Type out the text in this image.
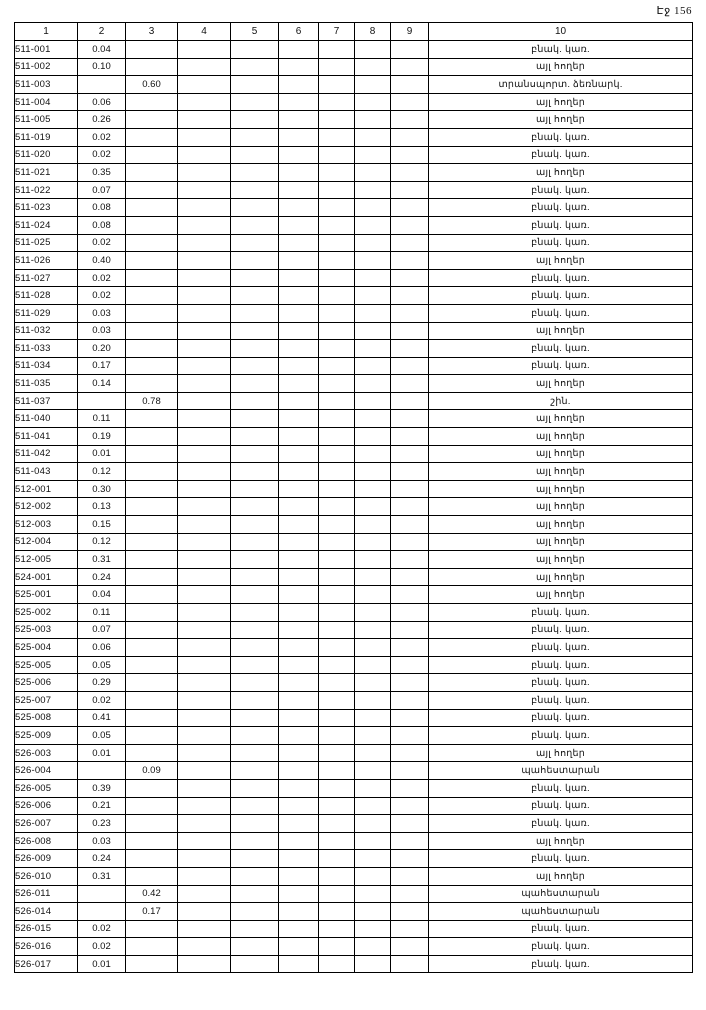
Էջ 156
1	2	3	4	5	6	7	8	9	10
511-001	0.04								բնակ. կառ.
511-002	0.10								այլ հողեր
511-003		0.60							տրանսպորտ. ձեռնարկ.
511-004	0.06								այլ հողեր
511-005	0.26								այլ հողեր
511-019	0.02								բնակ. կառ.
511-020	0.02								բնակ. կառ.
511-021	0.35								այլ հողեր
511-022	0.07								բնակ. կառ.
511-023	0.08								բնակ. կառ.
511-024	0.08								բնակ. կառ.
511-025	0.02								բնակ. կառ.
511-026	0.40								այլ հողեր
511-027	0.02								բնակ. կառ.
511-028	0.02								բնակ. կառ.
511-029	0.03								բնակ. կառ.
511-032	0.03								այլ հողեր
511-033	0.20								բնակ. կառ.
511-034	0.17								բնակ. կառ.
511-035	0.14								այլ հողեր
511-037		0.78							շին.
511-040	0.11								այլ հողեր
511-041	0.19								այլ հողեր
511-042	0.01								այլ հողեր
511-043	0.12								այլ հողեր
512-001	0.30								այլ հողեր
512-002	0.13								այլ հողեր
512-003	0.15								այլ հողեր
512-004	0.12								այլ հողեր
512-005	0.31								այլ հողեր
524-001	0.24								այլ հողեր
525-001	0.04								այլ հողեր
525-002	0.11								բնակ. կառ.
525-003	0.07								բնակ. կառ.
525-004	0.06								բնակ. կառ.
525-005	0.05								բնակ. կառ.
525-006	0.29								բնակ. կառ.
525-007	0.02								բնակ. կառ.
525-008	0.41								բնակ. կառ.
525-009	0.05								բնակ. կառ.
526-003	0.01								այլ հողեր
526-004		0.09							պահեստարան
526-005	0.39								բնակ. կառ.
526-006	0.21								բնակ. կառ.
526-007	0.23								բնակ. կառ.
526-008	0.03								այլ հողեր
526-009	0.24								բնակ. կառ.
526-010	0.31								այլ հողեր
526-011		0.42							պահեստարան
526-014		0.17							պահեստարան
526-015	0.02								բնակ. կառ.
526-016	0.02								բնակ. կառ.
526-017	0.01								բնակ. կառ.
